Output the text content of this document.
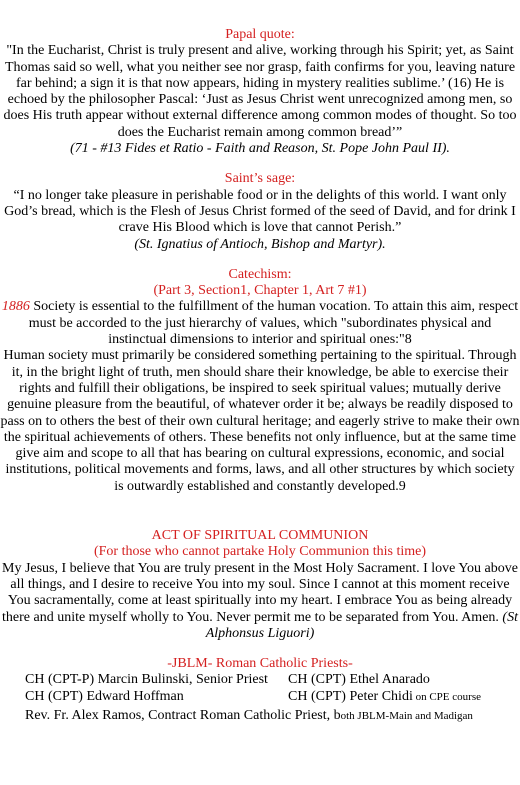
Papal quote:
"In the Eucharist, Christ is truly present and alive, working through his Spirit; yet, as Saint Thomas said so well, what you neither see nor grasp, faith confirms for you, leaving nature far behind; a sign it is that now appears, hiding in mystery realities sublime.’ (16) He is echoed by the philosopher Pascal: ‘Just as Jesus Christ went unrecognized among men, so does His truth appear without external difference among common modes of thought. So too does the Eucharist remain among common bread’”
(71 - #13 Fides et Ratio - Faith and Reason, St. Pope John Paul II).
Saint’s sage:
“I no longer take pleasure in perishable food or in the delights of this world. I want only God’s bread, which is the Flesh of Jesus Christ formed of the seed of David, and for drink I crave His Blood which is love that cannot Perish.”
(St. Ignatius of Antioch, Bishop and Martyr).
Catechism:
(Part 3, Section1, Chapter 1, Art 7 #1)
1886 Society is essential to the fulfillment of the human vocation. To attain this aim, respect must be accorded to the just hierarchy of values, which "subordinates physical and instinctual dimensions to interior and spiritual ones:"8
Human society must primarily be considered something pertaining to the spiritual. Through it, in the bright light of truth, men should share their knowledge, be able to exercise their rights and fulfill their obligations, be inspired to seek spiritual values; mutually derive genuine pleasure from the beautiful, of whatever order it be; always be readily disposed to pass on to others the best of their own cultural heritage; and eagerly strive to make their own the spiritual achievements of others. These benefits not only influence, but at the same time give aim and scope to all that has bearing on cultural expressions, economic, and social institutions, political movements and forms, laws, and all other structures by which society is outwardly established and constantly developed.9
ACT OF SPIRITUAL COMMUNION
(For those who cannot partake Holy Communion this time)
My Jesus, I believe that You are truly present in the Most Holy Sacrament. I love You above all things, and I desire to receive You into my soul. Since I cannot at this moment receive You sacramentally, come at least spiritually into my heart. I embrace You as being already there and unite myself wholly to You. Never permit me to be separated from You. Amen. (St Alphonsus Liguori)
-JBLM- Roman Catholic Priests-
CH (CPT-P) Marcin Bulinski, Senior Priest CH (CPT) Ethel Anarado
CH (CPT) Edward Hoffman	CH (CPT) Peter Chidi on CPE course
Rev. Fr. Alex Ramos, Contract Roman Catholic Priest, both JBLM-Main and Madigan
